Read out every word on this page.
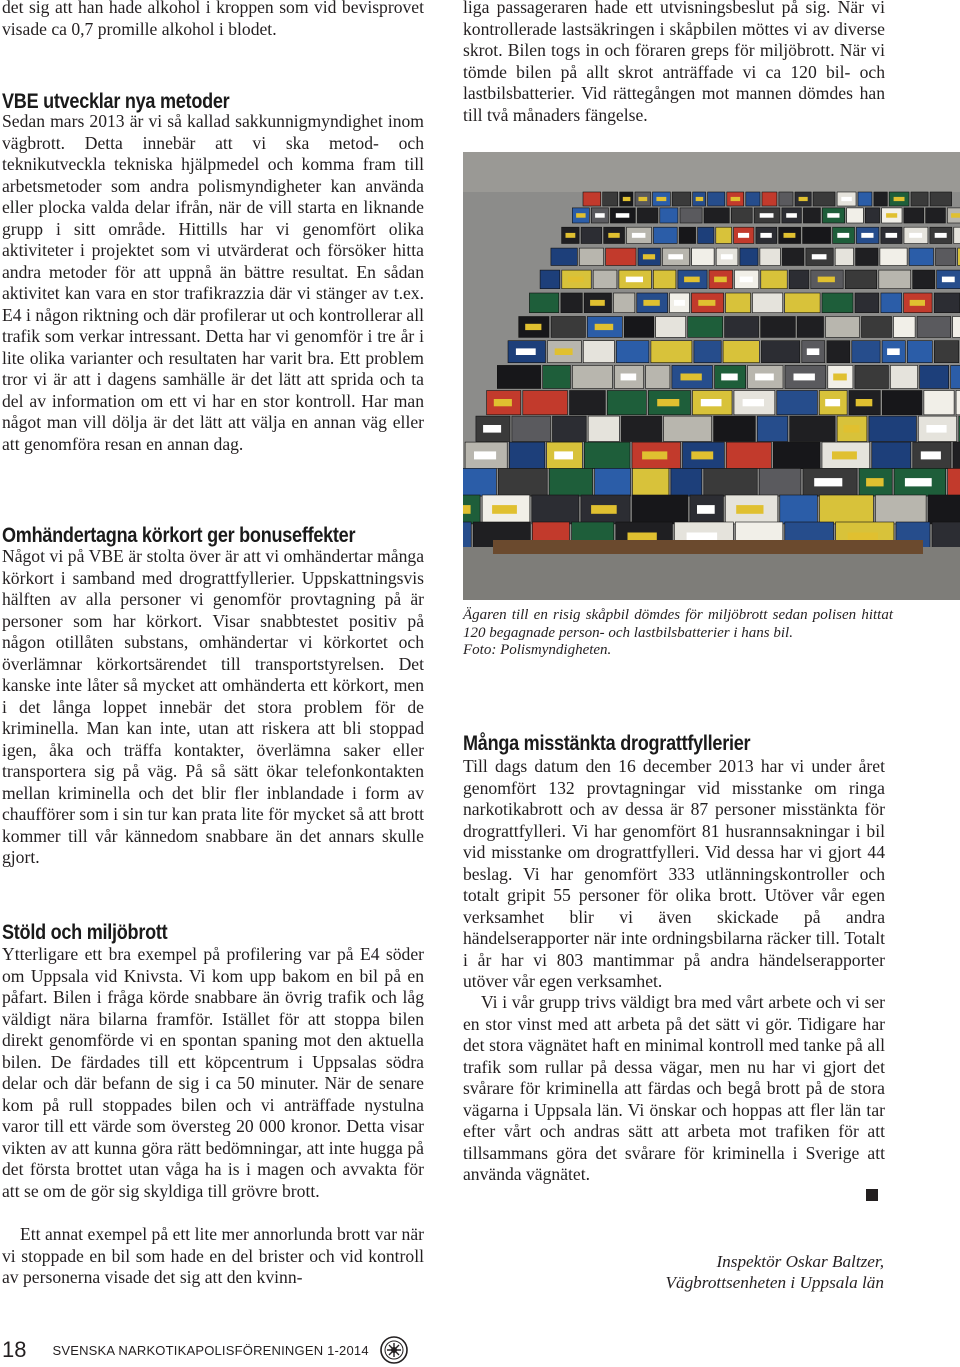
det sig att han hade alkohol i kroppen som vid bevisprovet visade ca 0,7 promille alkohol i blodet.

VBE utvecklar nya metoder

Sedan mars 2013 är vi så kallad sakkunnigmyndighet inom vägbrott. Detta innebär att vi ska metod- och teknikutveckla tekniska hjälpmedel och komma fram till arbetsmetoder som andra polismyndigheter kan använda eller plocka valda delar ifrån, när de vill starta en liknande grupp i sitt område. Hittills har vi genomfört olika aktiviteter i projektet som vi utvärderat och försöker hitta andra metoder för att uppnå än bättre resultat. En sådan aktivitet kan vara en stor trafikrazzia där vi stänger av t.ex. E4 i någon riktning och där profilerar ut och kontrollerar all trafik som verkar intressant. Detta har vi genomför i tre år i lite olika varianter och resultaten har varit bra. Ett problem tror vi är att i dagens samhälle är det lätt att sprida och ta del av information om ett vi har en stor kontroll. Har man något man vill dölja är det lätt att välja en annan väg eller att genomföra resan en annan dag.

Omhändertagna körkort ger bonuseffekter

Något vi på VBE är stolta över är att vi omhändertar många körkort i samband med drograttfyllerier. Uppskattningsvis hälften av alla personer vi genomför provtagning på är personer som har körkort. Visar snabbtestet positiv på någon otillåten substans, omhändertar vi körkortet och överlämnar körkortsärendet till transportstyrelsen. Det kanske inte låter så mycket att omhänderta ett körkort, men i det långa loppet innebär det stora problem för de kriminella. Man kan inte, utan att riskera att bli stoppad igen, åka och träffa kontakter, överlämna saker eller transportera sig på väg. På så sätt ökar telefonkontakten mellan kriminella och det blir fler inblandade i form av chaufförer som i sin tur kan prata lite för mycket så att brott kommer till vår kännedom snabbare än det annars skulle gjort.

Stöld och miljöbrott

Ytterligare ett bra exempel på profilering var på E4 söder om Uppsala vid Knivsta. Vi kom upp bakom en bil på en påfart. Bilen i fråga körde snabbare än övrig trafik och låg väldigt nära bilarna framför. Istället för att stoppa bilen direkt genomförde vi en spontan spaning mot den aktuella bilen. De färdades till ett köpcentrum i Uppsalas södra delar och där befann de sig i ca 50 minuter. När de senare kom på rull stoppades bilen och vi anträffade nystulna varor till ett värde som översteg 20 000 kronor. Detta visar vikten av att kunna göra rätt bedömningar, att inte hugga på det första brottet utan våga ha is i magen och avvakta för att se om de gör sig skyldiga till grövre brott.

Ett annat exempel på ett lite mer annorlunda brott var när vi stoppade en bil som hade en del brister och vid kontroll av personerna visade det sig att den kvinn-

liga passageraren hade ett utvisningsbeslut på sig. När vi kontrollerade lastsäkringen i skåpbilen möttes vi av diverse skrot. Bilen togs in och föraren greps för miljöbrott. När vi tömde bilen på allt skrot anträffade vi ca 120 bil- och lastbilsbatterier. Vid rättegången mot mannen dömdes han till två månaders fängelse.

Ägaren till en risig skåpbil dömdes för miljöbrott sedan polisen hittat 120 begagnade person- och lastbilsbatterier i hans bil.
Foto: Polismyndigheten.
Många misstänkta drograttfyllerier

Till dags datum den 16 december 2013 har vi under året genomfört 132 provtagningar vid misstanke om ringa narkotikabrott och av dessa är 87 personer misstänkta för drograttfylleri. Vi har genomfört 81 husrannsakningar i bil vid misstanke om drograttfylleri. Vid dessa har vi gjort 44 beslag. Vi har genomfört 333 utlänningskontroller och totalt gripit 55 personer för olika brott. Utöver vår egen verksamhet blir vi även skickade på andra händelserapporter när inte ordningsbilarna räcker till. Totalt i år har vi 803 mantimmar på andra händelserapporter utöver vår egen verksamhet.

Vi i vår grupp trivs väldigt bra med vårt arbete och vi ser en stor vinst med att arbeta på det sätt vi gör. Tidigare har det stora vägnätet haft en minimal kontroll med tanke på all trafik som rullar på dessa vägar, men nu har vi gjort det svårare för kriminella att färdas och begå brott på de stora vägarna i Uppsala län. Vi önskar och hoppas att fler län tar efter vårt och andras sätt att arbeta mot trafiken för att tillsammans göra det svårare för kriminella i Sverige att använda vägnätet.

Inspektör Oskar Baltzer,
Vägbrottsenheten i Uppsala län
18 SVENSKA NARKOTIKAPOLISFÖRENINGEN 1-2014
